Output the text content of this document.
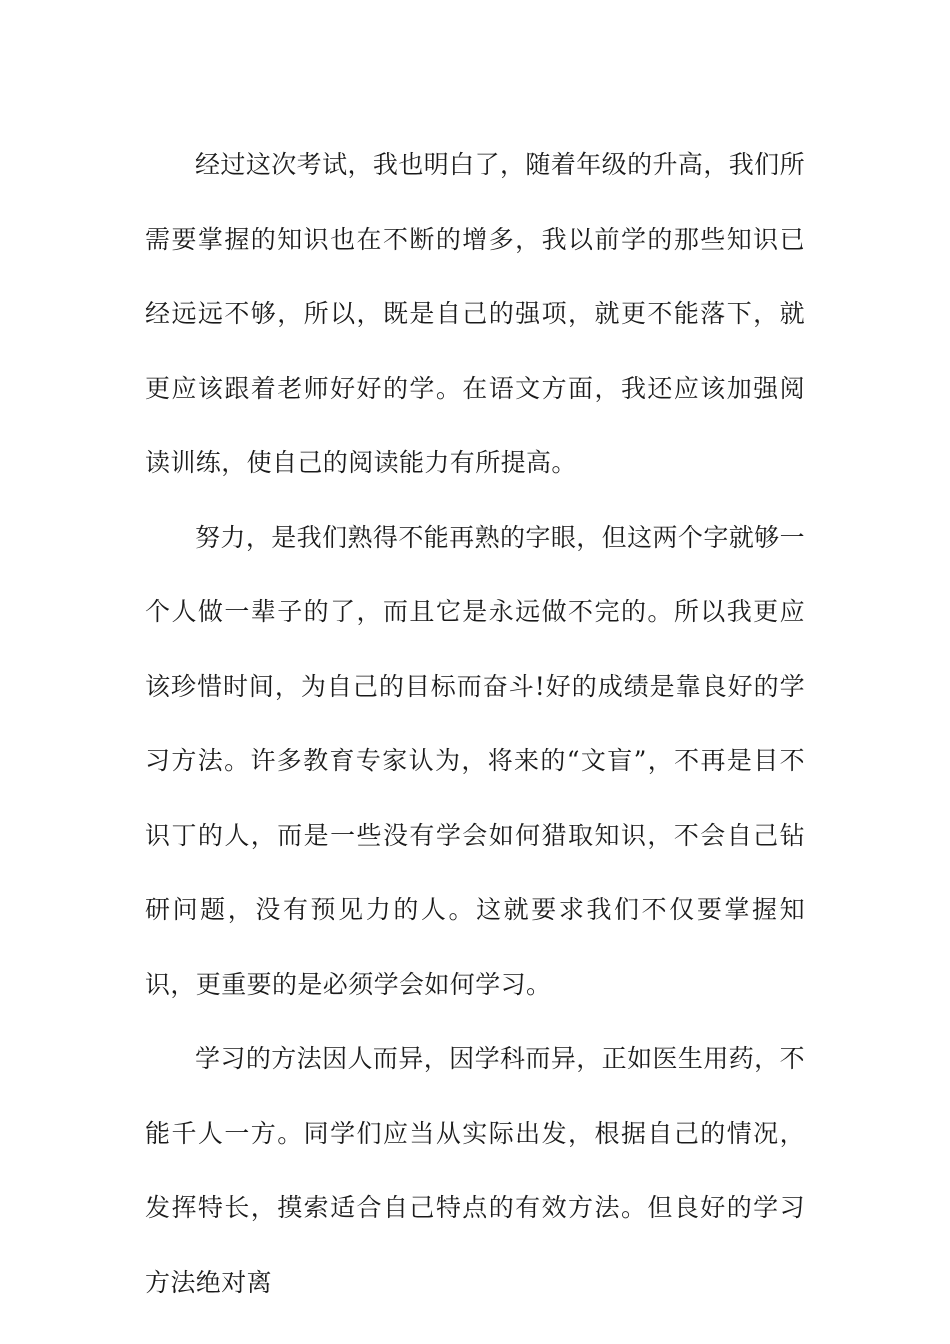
经过这次考试，我也明白了，随着年级的升高，我们所需要掌握的知识也在不断的增多，我以前学的那些知识已经远远不够，所以，既是自己的强项，就更不能落下，就更应该跟着老师好好的学。在语文方面，我还应该加强阅读训练，使自己的阅读能力有所提高。

努力，是我们熟得不能再熟的字眼，但这两个字就够一个人做一辈子的了，而且它是永远做不完的。所以我更应该珍惜时间，为自己的目标而奋斗!好的成绩是靠良好的学习方法。许多教育专家认为，将来的“文盲”，不再是目不识丁的人，而是一些没有学会如何猎取知识，不会自己钻研问题，没有预见力的人。这就要求我们不仅要掌握知识，更重要的是必须学会如何学习。

学习的方法因人而异，因学科而异，正如医生用药，不能千人一方。同学们应当从实际出发，根据自己的情况，发挥特长，摸索适合自己特点的有效方法。但良好的学习方法绝对离
